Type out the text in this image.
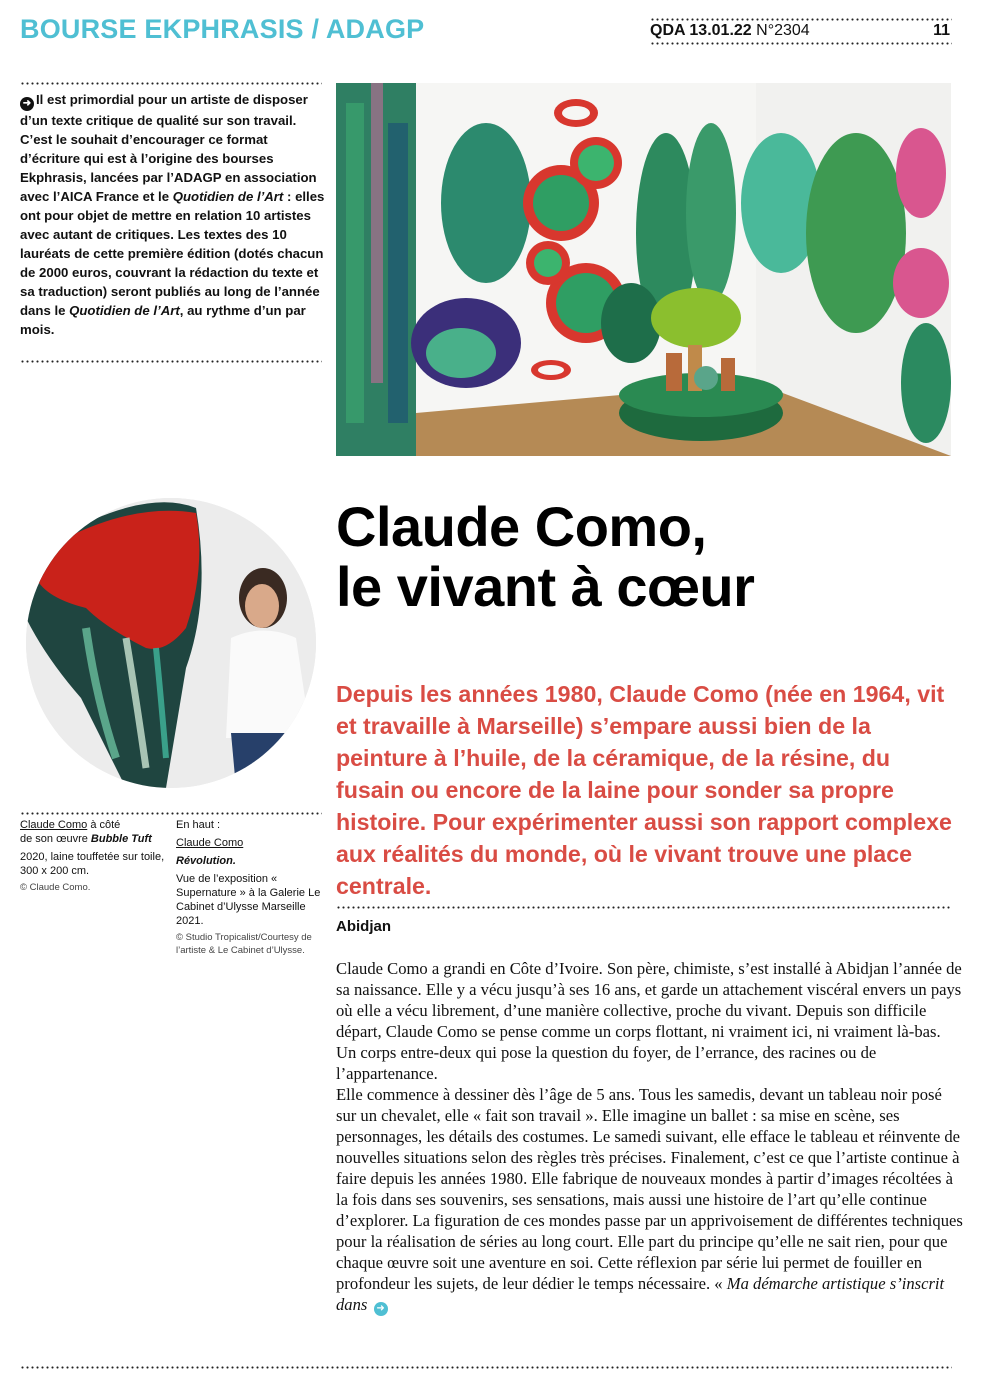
BOURSE EKPHRASIS / ADAGP	QDA 13.01.22 N°2304	11
➜ Il est primordial pour un artiste de disposer d’un texte critique de qualité sur son travail. C’est le souhait d’encourager ce format d’écriture qui est à l’origine des bourses Ekphrasis, lancées par l’ADAGP en association avec l’AICA France et le Quotidien de l’Art : elles ont pour objet de mettre en relation 10 artistes avec autant de critiques. Les textes des 10 lauréats de cette première édition (dotés chacun de 2000 euros, couvrant la rédaction du texte et sa traduction) seront publiés au long de l’année dans le Quotidien de l’Art, au rythme d’un par mois.
Claude Como à côté
de son œuvre Bubble Tuft
2020, laine touffetée sur toile, 300 x 200 cm.
© Claude Como.
En haut :
Claude Como
Révolution.
Vue de l’exposition « Supernature » à la Galerie Le Cabinet d’Ulysse Marseille 2021.
© Studio Tropicalist/Courtesy de l’artiste & Le Cabinet d’Ulysse.
Claude Como,
le vivant à cœur
Depuis les années 1980, Claude Como (née en 1964, vit et travaille à Marseille) s’empare aussi bien de la peinture à l’huile, de la céramique, de la résine, du fusain ou encore de la laine pour sonder sa propre histoire. Pour expérimenter aussi son rapport complexe aux réalités du monde, où le vivant trouve une place centrale.
Abidjan

Claude Como a grandi en Côte d’Ivoire. Son père, chimiste, s’est installé à Abidjan l’année de sa naissance. Elle y a vécu jusqu’à ses 16 ans, et garde un attachement viscéral envers un pays où elle a vécu librement, d’une manière collective, proche du vivant. Depuis son difficile départ, Claude Como se pense comme un corps flottant, ni vraiment ici, ni vraiment là-bas. Un corps entre-deux qui pose la question du foyer, de l’errance, des racines ou de l’appartenance.

Elle commence à dessiner dès l’âge de 5 ans. Tous les samedis, devant un tableau noir posé sur un chevalet, elle « fait son travail ». Elle imagine un ballet : sa mise en scène, ses personnages, les détails des costumes. Le samedi suivant, elle efface le tableau et réinvente de nouvelles situations selon des règles très précises. Finalement, c’est ce que l’artiste continue à faire depuis les années 1980. Elle fabrique de nouveaux mondes à partir d’images récoltées à la fois dans ses souvenirs, ses sensations, mais aussi une histoire de l’art qu’elle continue d’explorer. La figuration de ces mondes passe par un apprivoisement de différentes techniques pour la réalisation de séries au long court. Elle part du principe qu’elle ne sait rien, pour que chaque œuvre soit une aventure en soi. Cette réflexion par série lui permet de fouiller en profondeur les sujets, de leur dédier le temps nécessaire. « Ma démarche artistique s’inscrit dans ➜
